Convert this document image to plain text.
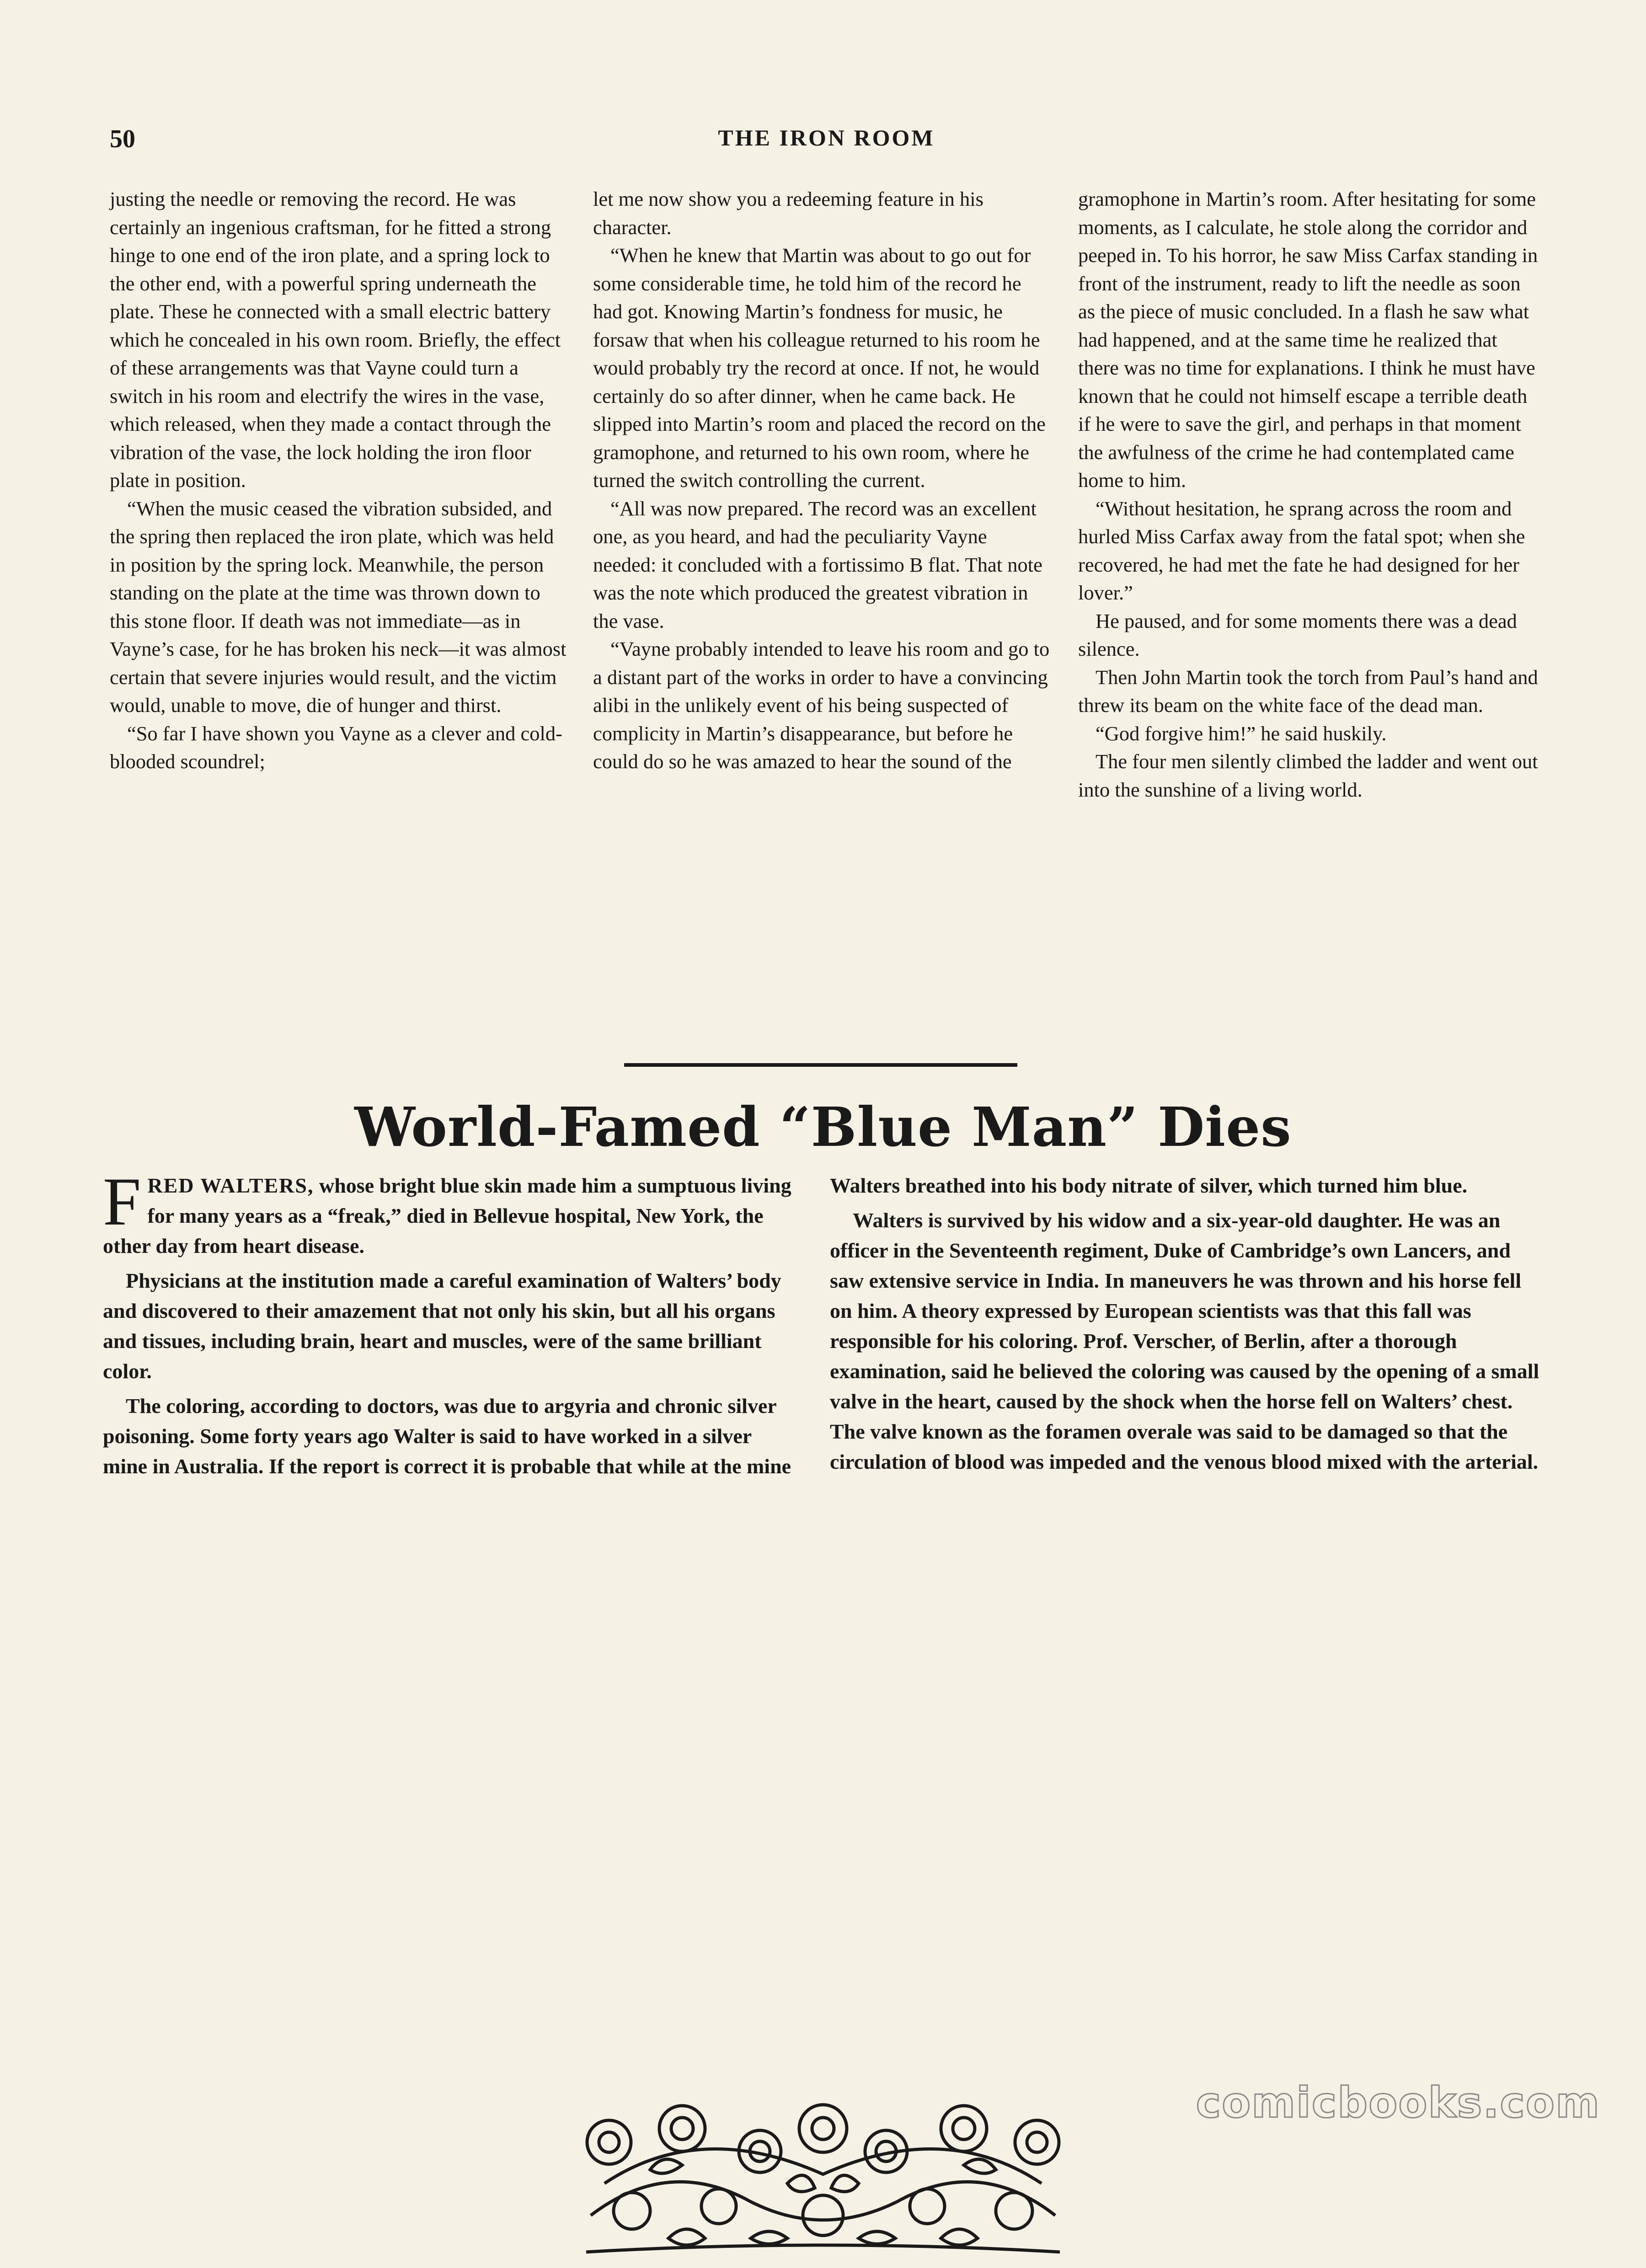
50	THE IRON ROOM

justing the needle or removing the record. He was certainly an ingenious craftsman, for he fitted a strong hinge to one end of the iron plate, and a spring lock to the other end, with a powerful spring underneath the plate. These he connected with a small electric battery which he concealed in his own room. Briefly, the effect of these arrangements was that Vayne could turn a switch in his room and electrify the wires in the vase, which released, when they made a contact through the vibration of the vase, the lock holding the iron floor plate in position.

“When the music ceased the vibration subsided, and the spring then replaced the iron plate, which was held in position by the spring lock. Meanwhile, the person standing on the plate at the time was thrown down to this stone floor. If death was not immediate—as in Vayne’s case, for he has broken his neck—it was almost certain that severe injuries would result, and the victim would, unable to move, die of hunger and thirst.

“So far I have shown you Vayne as a clever and cold-blooded scoundrel;

let me now show you a redeeming feature in his character.

“When he knew that Martin was about to go out for some considerable time, he told him of the record he had got. Knowing Martin’s fondness for music, he forsaw that when his colleague returned to his room he would probably try the record at once. If not, he would certainly do so after dinner, when he came back. He slipped into Martin’s room and placed the record on the gramophone, and returned to his own room, where he turned the switch controlling the current.

“All was now prepared. The record was an excellent one, as you heard, and had the peculiarity Vayne needed: it concluded with a fortissimo B flat. That note was the note which produced the greatest vibration in the vase.

“Vayne probably intended to leave his room and go to a distant part of the works in order to have a convincing alibi in the unlikely event of his being suspected of complicity in Martin’s disappearance, but before he could do so he was amazed to hear the sound of the

gramophone in Martin’s room. After hesitating for some moments, as I calculate, he stole along the corridor and peeped in. To his horror, he saw Miss Carfax standing in front of the instrument, ready to lift the needle as soon as the piece of music concluded. In a flash he saw what had happened, and at the same time he realized that there was no time for explanations. I think he must have known that he could not himself escape a terrible death if he were to save the girl, and perhaps in that moment the awfulness of the crime he had contemplated came home to him.

“Without hesitation, he sprang across the room and hurled Miss Carfax away from the fatal spot; when she recovered, he had met the fate he had designed for her lover.”

He paused, and for some moments there was a dead silence.

Then John Martin took the torch from Paul’s hand and threw its beam on the white face of the dead man.

“God forgive him!” he said huskily.

The four men silently climbed the ladder and went out into the sunshine of a living world.

World-Famed “Blue Man” Dies

FRED WALTERS, whose bright blue skin made him a sumptuous living for many years as a “freak,” died in Bellevue hospital, New York, the other day from heart disease.

Physicians at the institution made a careful examination of Walters’ body and discovered to their amazement that not only his skin, but all his organs and tissues, including brain, heart and muscles, were of the same brilliant color.

The coloring, according to doctors, was due to argyria and chronic silver poisoning. Some forty years ago Walter is said to have worked in a silver mine in Australia. If the report is correct it is probable that while at the mine

Walters breathed into his body nitrate of silver, which turned him blue.

Walters is survived by his widow and a six-year-old daughter. He was an officer in the Seventeenth regiment, Duke of Cambridge’s own Lancers, and saw extensive service in India. In maneuvers he was thrown and his horse fell on him. A theory expressed by European scientists was that this fall was responsible for his coloring. Prof. Verscher, of Berlin, after a thorough examination, said he believed the coloring was caused by the opening of a small valve in the heart, caused by the shock when the horse fell on Walters’ chest. The valve known as the foramen overale was said to be damaged so that the circulation of blood was impeded and the venous blood mixed with the arterial.

comicbooks.com
